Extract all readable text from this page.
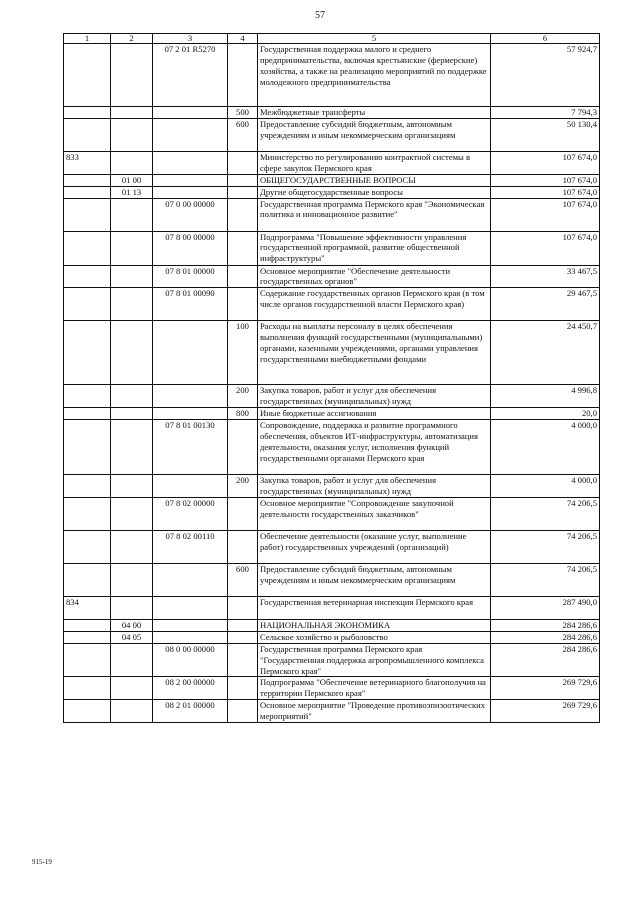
57
1	2	3	4	5	6
		07 2 01 R5270		Государственная поддержка малого и среднего предпринимательства, включая крестьянские (фермерские) хозяйства, а также на реализацию мероприятий по поддержке молодежного предпринимательства	57 924,7
			500	Межбюджетные трансферты	7 794,3
			600	Предоставление субсидий бюджетным, автономным учреждениям и иным некоммерческим организациям	50 130,4
833				Министерство по регулированию контрактной системы в сфере закупок Пермского края	107 674,0
	01 00			ОБЩЕГОСУДАРСТВЕННЫЕ ВОПРОСЫ	107 674,0
	01 13			Другие общегосударственные вопросы	107 674,0
		07 0 00 00000		Государственная программа Пермского края "Экономическая политика и инновационное развитие"	107 674,0
		07 8 00 00000		Подпрограмма "Повышение эффективности управления государственной программой, развитие общественной инфраструктуры"	107 674,0
		07 8 01 00000		Основное мероприятие "Обеспечение деятельности государственных органов"	33 467,5
		07 8 01 00090		Содержание государственных органов Пермского края (в том числе органов государственной власти Пермского края)	29 467,5
			100	Расходы на выплаты персоналу в целях обеспечения выполнения функций государственными (муниципальными) органами, казенными учреждениями, органами управления государственными внебюджетными фондами	24 450,7
			200	Закупка товаров, работ и услуг для обеспечения государственных (муниципальных) нужд	4 996,8
			800	Иные бюджетные ассигнования	20,0
		07 8 01 00130		Сопровождение, поддержка и развитие программного обеспечения, объектов ИТ-инфраструктуры, автоматизация деятельности, оказания услуг, исполнения функций государственными органами Пермского края	4 000,0
			200	Закупка товаров, работ и услуг для обеспечения государственных (муниципальных) нужд	4 000,0
		07 8 02 00000		Основное мероприятие "Сопровождение закупочной деятельности государственных заказчиков"	74 206,5
		07 8 02 00110		Обеспечение деятельности (оказание услуг, выполнение работ) государственных учреждений (организаций)	74 206,5
			600	Предоставление субсидий бюджетным, автономным учреждениям и иным некоммерческим организациям	74 206,5
834				Государственная ветеринарная инспекция Пермского края	287 490,0
	04 00			НАЦИОНАЛЬНАЯ ЭКОНОМИКА	284 286,6
	04 05			Сельское хозяйство и рыболовство	284 286,6
		08 0 00 00000		Государственная программа Пермского края "Государственная поддержка агропромышленного комплекса Пермского края"	284 286,6
		08 2 00 00000		Подпрограмма "Обеспечение ветеринарного благополучия на территории Пермского края"	269 729,6
		08 2 01 00000		Основное мероприятие "Проведение противоэпизоотических мероприятий"	269 729,6
915-19
